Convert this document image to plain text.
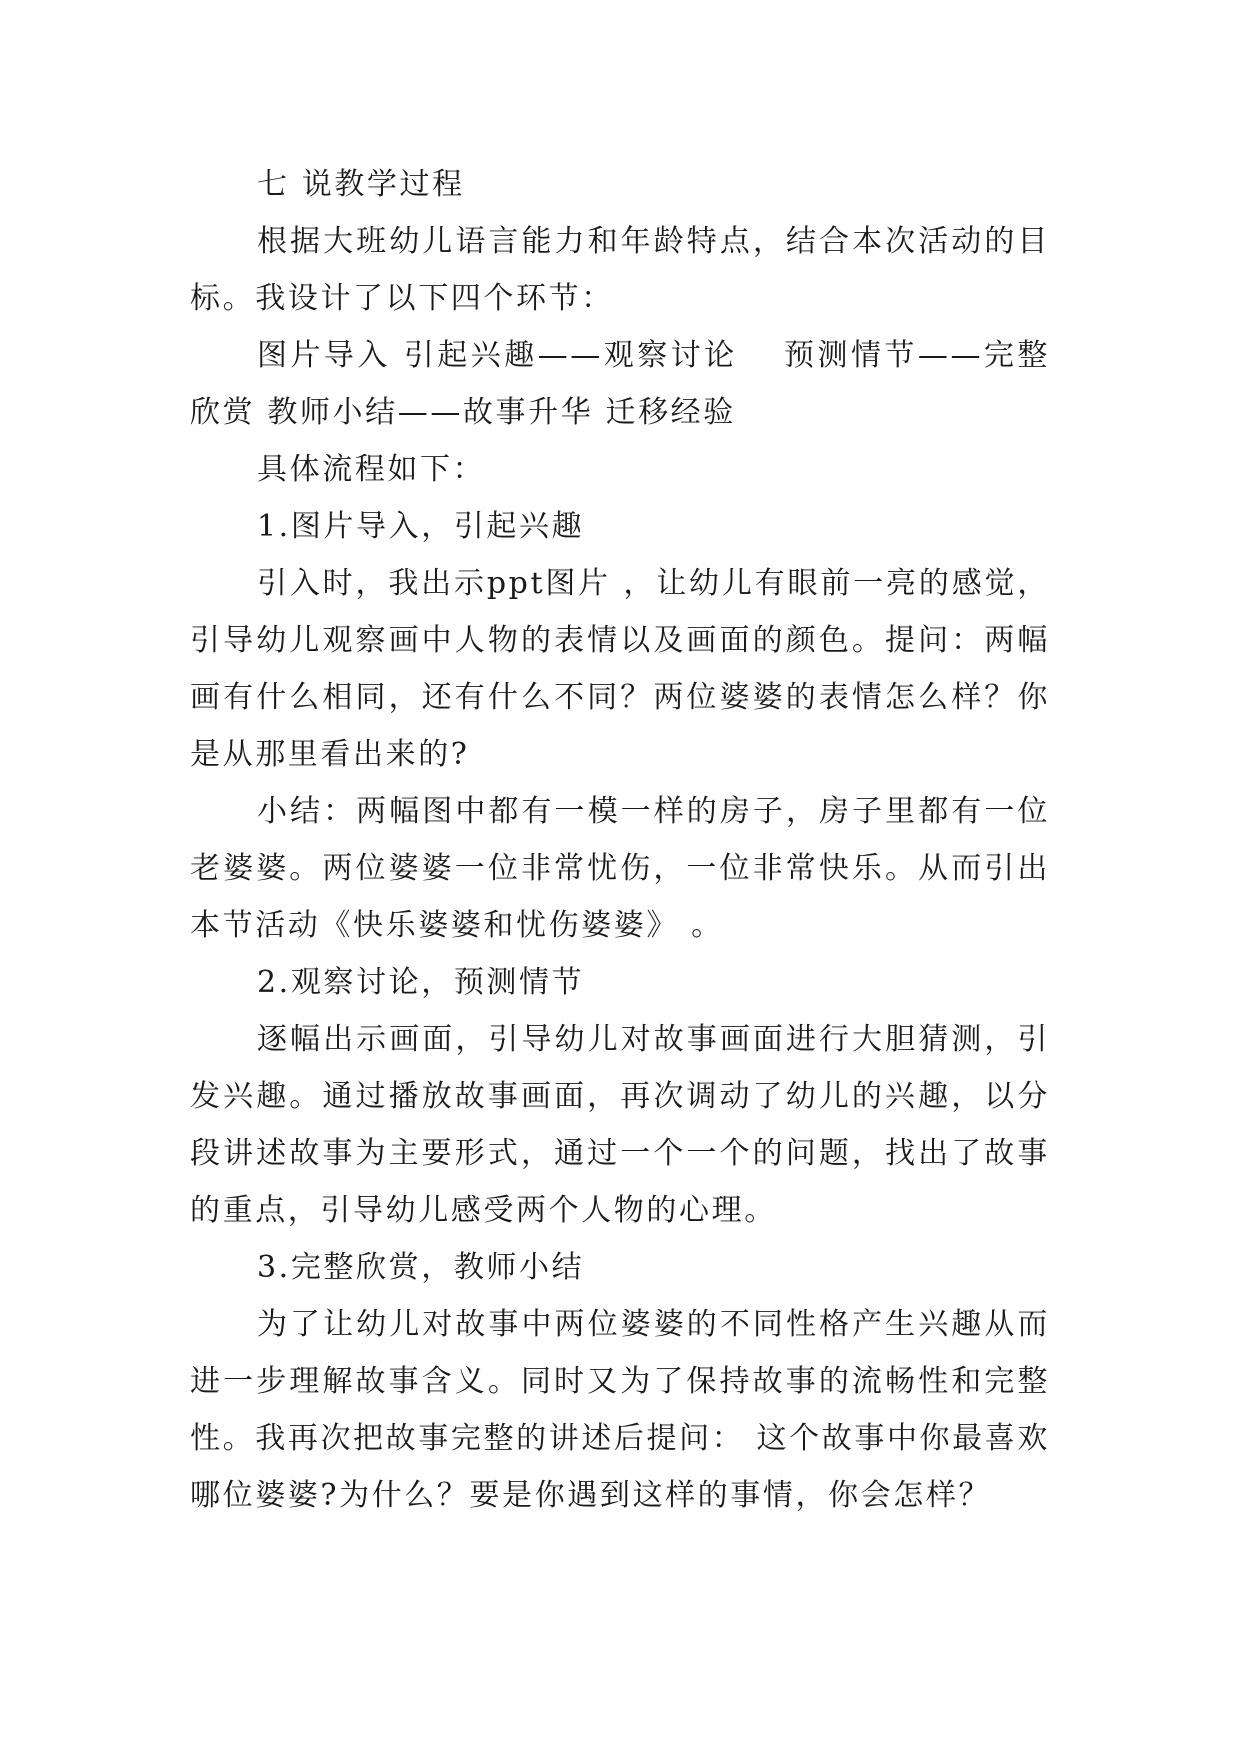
七 说教学过程

根据大班幼儿语言能力和年龄特点，结合本次活动的目标。我设计了以下四个环节：

图片导入 引起兴趣——观察讨论　 预测情节——完整欣赏 教师小结——故事升华 迁移经验

具体流程如下：

1.图片导入，引起兴趣

引入时，我出示ppt图片 ，让幼儿有眼前一亮的感觉，引导幼儿观察画中人物的表情以及画面的颜色。提问：两幅画有什么相同，还有什么不同？两位婆婆的表情怎么样？你是从那里看出来的?

小结：两幅图中都有一模一样的房子，房子里都有一位老婆婆。两位婆婆一位非常忧伤，一位非常快乐。从而引出本节活动《快乐婆婆和忧伤婆婆》 。

2.观察讨论，预测情节

逐幅出示画面，引导幼儿对故事画面进行大胆猜测，引发兴趣。通过播放故事画面，再次调动了幼儿的兴趣，以分段讲述故事为主要形式，通过一个一个的问题，找出了故事的重点，引导幼儿感受两个人物的心理。

3.完整欣赏，教师小结

为了让幼儿对故事中两位婆婆的不同性格产生兴趣从而进一步理解故事含义。同时又为了保持故事的流畅性和完整性。我再次把故事完整的讲述后提问： 这个故事中你最喜欢哪位婆婆?为什么？要是你遇到这样的事情，你会怎样？
